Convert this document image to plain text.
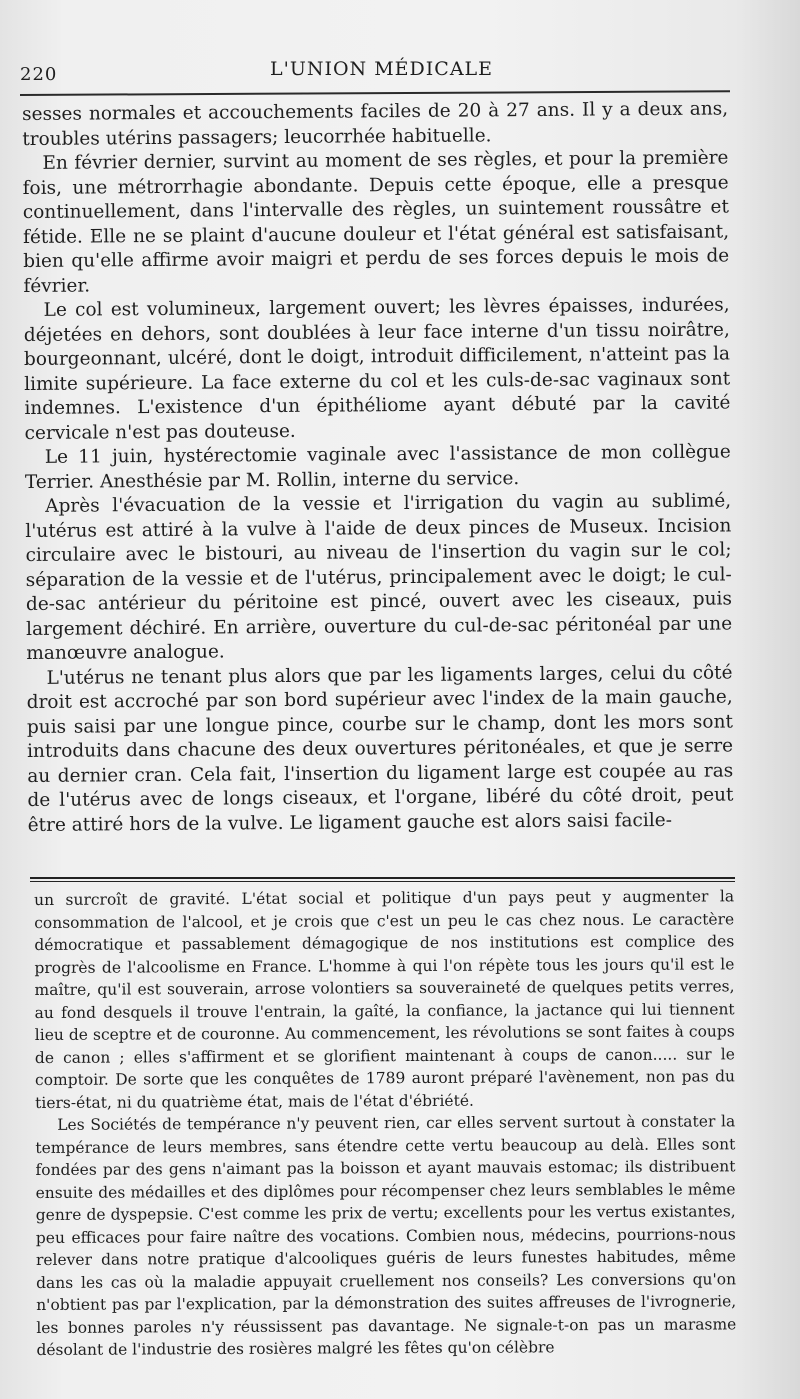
220	L'UNION MÉDICALE

sesses normales et accouchements faciles de 20 à 27 ans. Il y a deux ans, troubles utérins passagers; leucorrhée habituelle.

En février dernier, survint au moment de ses règles, et pour la première fois, une métrorrhagie abondante. Depuis cette époque, elle a presque continuellement, dans l'intervalle des règles, un suintement roussâtre et fétide. Elle ne se plaint d'aucune douleur et l'état général est satisfaisant, bien qu'elle affirme avoir maigri et perdu de ses forces depuis le mois de février.

Le col est volumineux, largement ouvert; les lèvres épaisses, indurées, déjetées en dehors, sont doublées à leur face interne d'un tissu noirâtre, bourgeonnant, ulcéré, dont le doigt, introduit difficilement, n'atteint pas la limite supérieure. La face externe du col et les culs-de-sac vaginaux sont indemnes. L'existence d'un épithéliome ayant débuté par la cavité cervicale n'est pas douteuse.

Le 11 juin, hystérectomie vaginale avec l'assistance de mon collègue Terrier. Anesthésie par M. Rollin, interne du service.

Après l'évacuation de la vessie et l'irrigation du vagin au sublimé, l'utérus est attiré à la vulve à l'aide de deux pinces de Museux. Incision circulaire avec le bistouri, au niveau de l'insertion du vagin sur le col; séparation de la vessie et de l'utérus, principalement avec le doigt; le cul-de-sac antérieur du péritoine est pincé, ouvert avec les ciseaux, puis largement déchiré. En arrière, ouverture du cul-de-sac péritonéal par une manœuvre analogue.

L'utérus ne tenant plus alors que par les ligaments larges, celui du côté droit est accroché par son bord supérieur avec l'index de la main gauche, puis saisi par une longue pince, courbe sur le champ, dont les mors sont introduits dans chacune des deux ouvertures péritonéales, et que je serre au dernier cran. Cela fait, l'insertion du ligament large est coupée au ras de l'utérus avec de longs ciseaux, et l'organe, libéré du côté droit, peut être attiré hors de la vulve. Le ligament gauche est alors saisi facile-

un surcroît de gravité. L'état social et politique d'un pays peut y augmenter la consommation de l'alcool, et je crois que c'est un peu le cas chez nous. Le caractère démocratique et passablement démagogique de nos institutions est complice des progrès de l'alcoolisme en France. L'homme à qui l'on répète tous les jours qu'il est le maître, qu'il est souverain, arrose volontiers sa souveraineté de quelques petits verres, au fond desquels il trouve l'entrain, la gaîté, la confiance, la jactance qui lui tiennent lieu de sceptre et de couronne. Au commencement, les révolutions se sont faites à coups de canon ; elles s'affirment et se glorifient maintenant à coups de canon..... sur le comptoir. De sorte que les conquêtes de 1789 auront préparé l'avènement, non pas du tiers-état, ni du quatrième état, mais de l'état d'ébriété.

Les Sociétés de tempérance n'y peuvent rien, car elles servent surtout à constater la tempérance de leurs membres, sans étendre cette vertu beaucoup au delà. Elles sont fondées par des gens n'aimant pas la boisson et ayant mauvais estomac; ils distribuent ensuite des médailles et des diplômes pour récompenser chez leurs semblables le même genre de dyspepsie. C'est comme les prix de vertu; excellents pour les vertus existantes, peu efficaces pour faire naître des vocations. Combien nous, médecins, pourrions-nous relever dans notre pratique d'alcooliques guéris de leurs funestes habitudes, même dans les cas où la maladie appuyait cruellement nos conseils? Les conversions qu'on n'obtient pas par l'explication, par la démonstration des suites affreuses de l'ivrognerie, les bonnes paroles n'y réussissent pas davantage. Ne signale-t-on pas un marasme désolant de l'industrie des rosières malgré les fêtes qu'on célèbre
